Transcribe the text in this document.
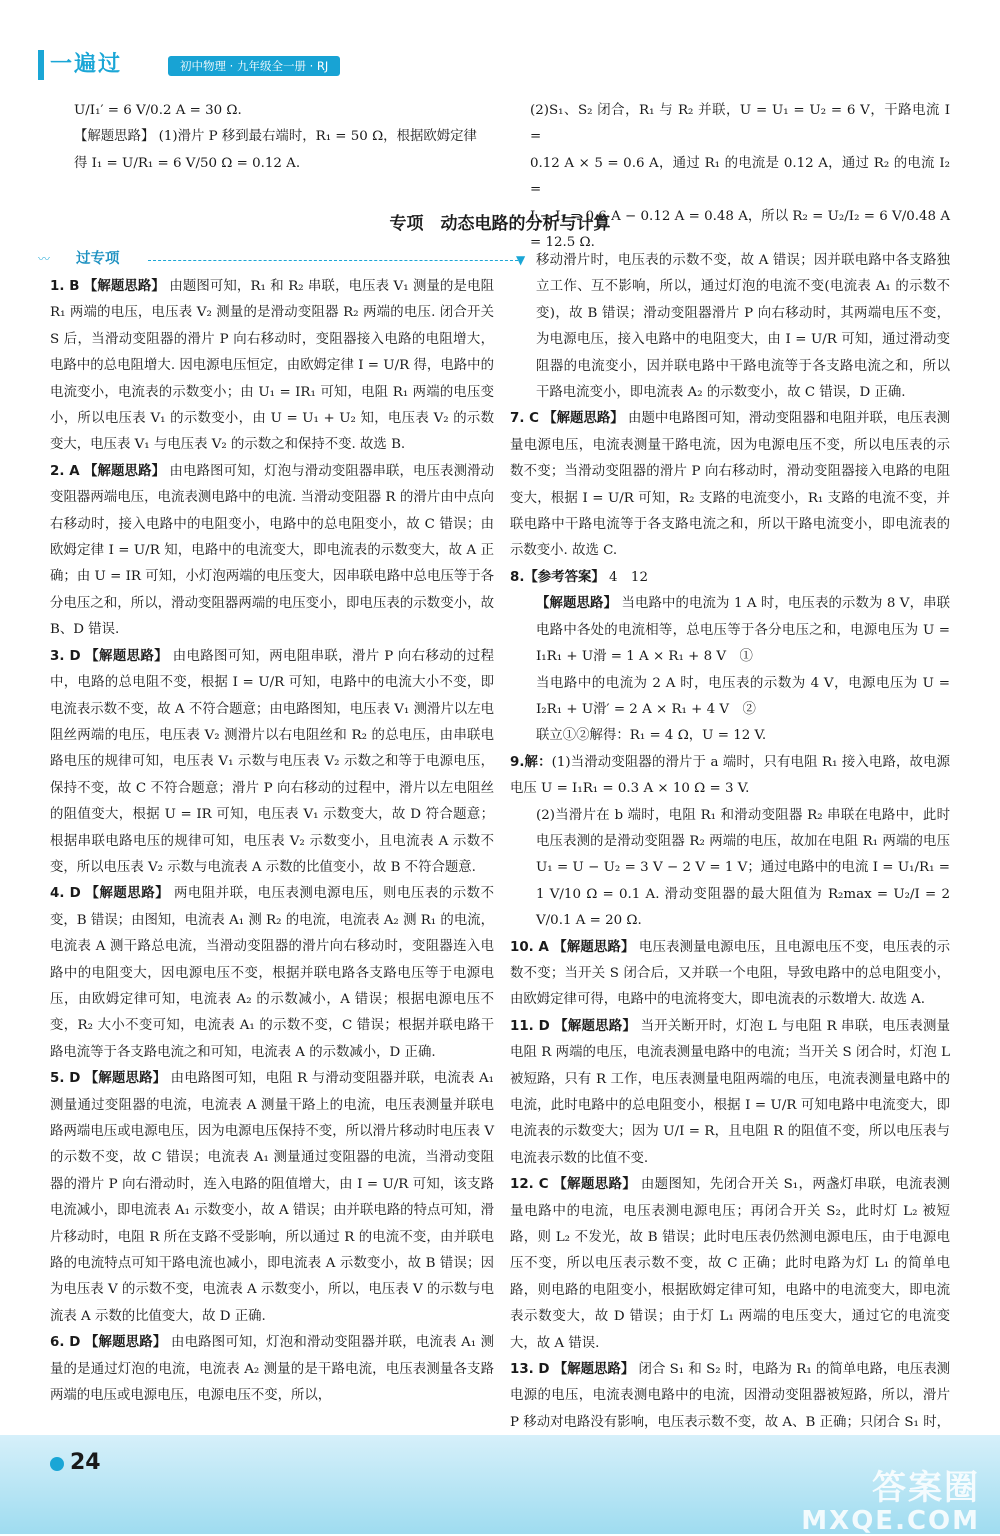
一遍过	初中物理 · 九年级全一册 · RJ

U/I₁′ = 6 V/0.2 A = 30 Ω.

【解题思路】 (1)滑片 P 移到最右端时，R₁ = 50 Ω，根据欧姆定律

得 I₁ = U/R₁ = 6 V/50 Ω = 0.12 A.

(2)S₁、S₂ 闭合，R₁ 与 R₂ 并联，U = U₁ = U₂ = 6 V，干路电流 I =

0.12 A × 5 = 0.6 A，通过 R₁ 的电流是 0.12 A，通过 R₂ 的电流 I₂ =

I − I₁ = 0.6 A − 0.12 A = 0.48 A，所以 R₂ = U₂/I₂ = 6 V/0.48 A = 12.5 Ω.

专项　动态电路的分析与计算
〰	过专项	▼

1. B 【解题思路】 由题图可知，R₁ 和 R₂ 串联，电压表 V₁ 测量的是电阻 R₁ 两端的电压，电压表 V₂ 测量的是滑动变阻器 R₂ 两端的电压. 闭合开关 S 后，当滑动变阻器的滑片 P 向右移动时，变阻器接入电路的电阻增大，电路中的总电阻增大. 因电源电压恒定，由欧姆定律 I = U/R 得，电路中的电流变小，电流表的示数变小；由 U₁ = IR₁ 可知，电阻 R₁ 两端的电压变小，所以电压表 V₁ 的示数变小，由 U = U₁ + U₂ 知，电压表 V₂ 的示数变大，电压表 V₁ 与电压表 V₂ 的示数之和保持不变. 故选 B.

2. A 【解题思路】 由电路图可知，灯泡与滑动变阻器串联，电压表测滑动变阻器两端电压，电流表测电路中的电流. 当滑动变阻器 R 的滑片由中点向右移动时，接入电路中的电阻变小，电路中的总电阻变小，故 C 错误；由欧姆定律 I = U/R 知，电路中的电流变大，即电流表的示数变大，故 A 正确；由 U = IR 可知，小灯泡两端的电压变大，因串联电路中总电压等于各分电压之和，所以，滑动变阻器两端的电压变小，即电压表的示数变小，故 B、D 错误.

3. D 【解题思路】 由电路图可知，两电阻串联，滑片 P 向右移动的过程中，电路的总电阻不变，根据 I = U/R 可知，电路中的电流大小不变，即电流表示数不变，故 A 不符合题意；由电路图知，电压表 V₁ 测滑片以左电阻丝两端的电压，电压表 V₂ 测滑片以右电阻丝和 R₂ 的总电压，由串联电路电压的规律可知，电压表 V₁ 示数与电压表 V₂ 示数之和等于电源电压，保持不变，故 C 不符合题意；滑片 P 向右移动的过程中，滑片以左电阻丝的阻值变大，根据 U = IR 可知，电压表 V₁ 示数变大，故 D 符合题意；根据串联电路电压的规律可知，电压表 V₂ 示数变小，且电流表 A 示数不变，所以电压表 V₂ 示数与电流表 A 示数的比值变小，故 B 不符合题意.

4. D 【解题思路】 两电阻并联，电压表测电源电压，则电压表的示数不变，B 错误；由图知，电流表 A₁ 测 R₂ 的电流，电流表 A₂ 测 R₁ 的电流，电流表 A 测干路总电流，当滑动变阻器的滑片向右移动时，变阻器连入电路中的电阻变大，因电源电压不变，根据并联电路各支路电压等于电源电压，由欧姆定律可知，电流表 A₂ 的示数减小，A 错误；根据电源电压不变，R₂ 大小不变可知，电流表 A₁ 的示数不变，C 错误；根据并联电路干路电流等于各支路电流之和可知，电流表 A 的示数减小，D 正确.

5. D 【解题思路】 由电路图可知，电阻 R 与滑动变阻器并联，电流表 A₁ 测量通过变阻器的电流，电流表 A 测量干路上的电流，电压表测量并联电路两端电压或电源电压，因为电源电压保持不变，所以滑片移动时电压表 V 的示数不变，故 C 错误；电流表 A₁ 测量通过变阻器的电流，当滑动变阻器的滑片 P 向右滑动时，连入电路的阻值增大，由 I = U/R 可知，该支路电流减小，即电流表 A₁ 示数变小，故 A 错误；由并联电路的特点可知，滑片移动时，电阻 R 所在支路不受影响，所以通过 R 的电流不变，由并联电路的电流特点可知干路电流也减小，即电流表 A 示数变小，故 B 错误；因为电压表 V 的示数不变，电流表 A 示数变小，所以，电压表 V 的示数与电流表 A 示数的比值变大，故 D 正确.

6. D 【解题思路】 由电路图可知，灯泡和滑动变阻器并联，电流表 A₁ 测量的是通过灯泡的电流，电流表 A₂ 测量的是干路电流，电压表测量各支路两端的电压或电源电压，电源电压不变，所以，

移动滑片时，电压表的示数不变，故 A 错误；因并联电路中各支路独立工作、互不影响，所以，通过灯泡的电流不变(电流表 A₁ 的示数不变)，故 B 错误；滑动变阻器滑片 P 向右移动时，其两端电压不变，为电源电压，接入电路中的电阻变大，由 I = U/R 可知，通过滑动变阻器的电流变小，因并联电路中干路电流等于各支路电流之和，所以干路电流变小，即电流表 A₂ 的示数变小，故 C 错误，D 正确.

7. C 【解题思路】 由题中电路图可知，滑动变阻器和电阻并联，电压表测量电源电压，电流表测量干路电流，因为电源电压不变，所以电压表的示数不变；当滑动变阻器的滑片 P 向右移动时，滑动变阻器接入电路的电阻变大，根据 I = U/R 可知，R₂ 支路的电流变小，R₁ 支路的电流不变，并联电路中干路电流等于各支路电流之和，所以干路电流变小，即电流表的示数变小. 故选 C.

8.【参考答案】 4　12

【解题思路】 当电路中的电流为 1 A 时，电压表的示数为 8 V，串联电路中各处的电流相等，总电压等于各分电压之和，电源电压为 U = I₁R₁ + U滑 = 1 A × R₁ + 8 V　①

当电路中的电流为 2 A 时，电压表的示数为 4 V，电源电压为 U = I₂R₁ + U滑′ = 2 A × R₁ + 4 V　②

联立①②解得：R₁ = 4 Ω，U = 12 V.

9.解：(1)当滑动变阻器的滑片于 a 端时，只有电阻 R₁ 接入电路，故电源电压 U = I₁R₁ = 0.3 A × 10 Ω = 3 V.

(2)当滑片在 b 端时，电阻 R₁ 和滑动变阻器 R₂ 串联在电路中，此时电压表测的是滑动变阻器 R₂ 两端的电压，故加在电阻 R₁ 两端的电压 U₁ = U − U₂ = 3 V − 2 V = 1 V；通过电路中的电流 I = U₁/R₁ = 1 V/10 Ω = 0.1 A. 滑动变阻器的最大阻值为 R₂max = U₂/I = 2 V/0.1 A = 20 Ω.

10. A 【解题思路】 电压表测量电源电压，且电源电压不变，电压表的示数不变；当开关 S 闭合后，又并联一个电阻，导致电路中的总电阻变小，由欧姆定律可得，电路中的电流将变大，即电流表的示数增大. 故选 A.

11. D 【解题思路】 当开关断开时，灯泡 L 与电阻 R 串联，电压表测量电阻 R 两端的电压，电流表测量电路中的电流；当开关 S 闭合时，灯泡 L 被短路，只有 R 工作，电压表测量电阻两端的电压，电流表测量电路中的电流，此时电路中的总电阻变小，根据 I = U/R 可知电路中电流变大，即电流表的示数变大；因为 U/I = R，且电阻 R 的阻值不变，所以电压表与电流表示数的比值不变.

12. C 【解题思路】 由题图知，先闭合开关 S₁，两盏灯串联，电流表测量电路中的电流，电压表测电源电压；再闭合开关 S₂，此时灯 L₂ 被短路，则 L₂ 不发光，故 B 错误；此时电压表仍然测电源电压，由于电源电压不变，所以电压表示数不变，故 C 正确；此时电路为灯 L₁ 的简单电路，则电路的电阻变小，根据欧姆定律可知，电路中的电流变大，即电流表示数变大，故 D 错误；由于灯 L₁ 两端的电压变大，通过它的电流变大，故 A 错误.

13. D 【解题思路】 闭合 S₁ 和 S₂ 时，电路为 R₁ 的简单电路，电压表测电源的电压，电流表测电路中的电流，因滑动变阻器被短路，所以，滑片 P 移动对电路没有影响，电压表示数不变，故 A、B 正确；只闭合 S₁ 时，

24
答案圈
MXQE.COM
